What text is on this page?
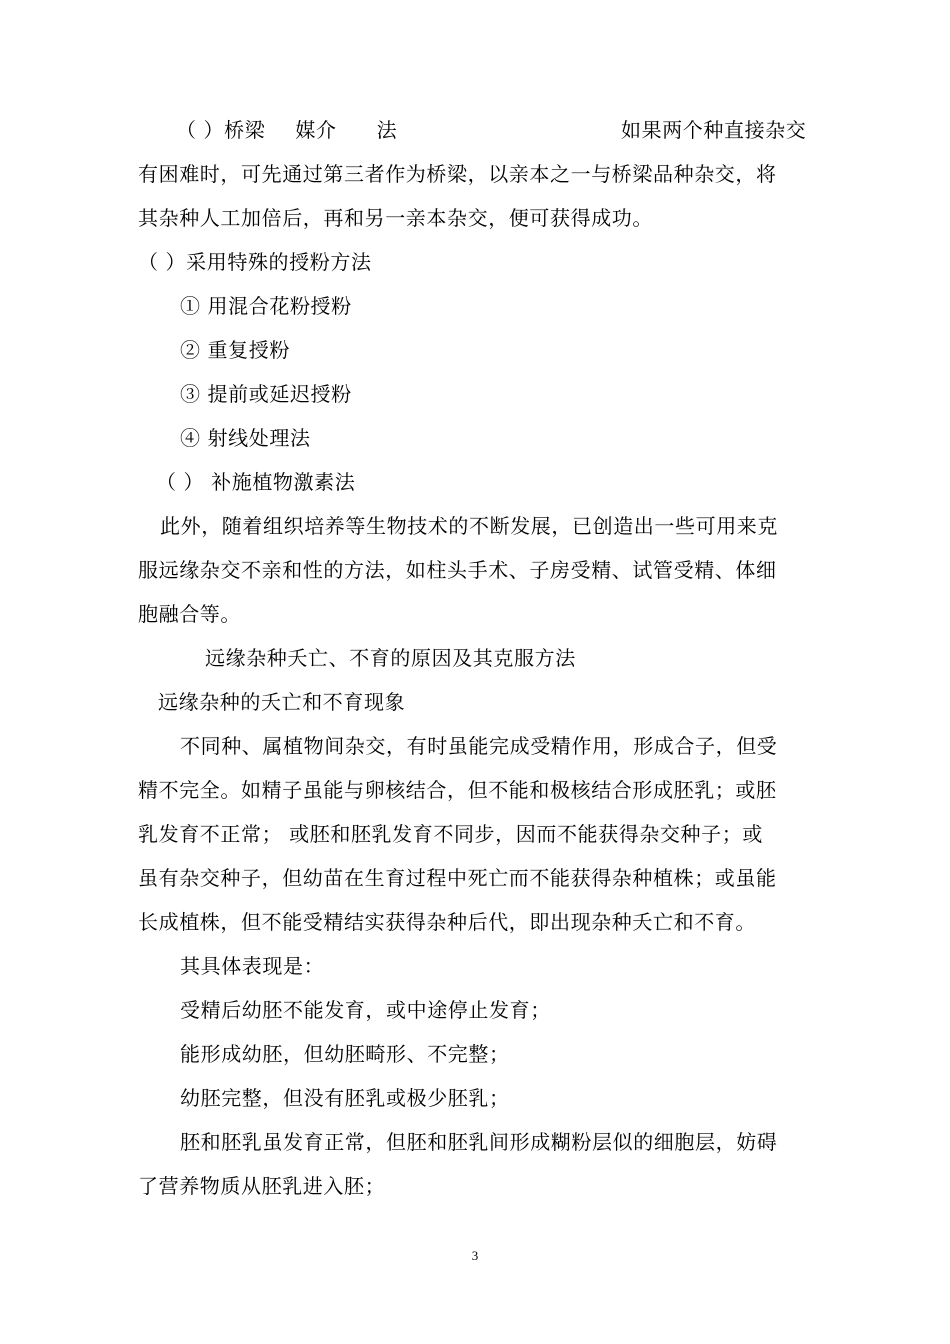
（ ）桥梁 媒介 法	如果两个种直接杂交
有困难时，可先通过第三者作为桥梁，以亲本之一与桥梁品种杂交，将
其杂种人工加倍后，再和另一亲本杂交，便可获得成功。
（ ）采用特殊的授粉方法
① 用混合花粉授粉
② 重复授粉
③ 提前或延迟授粉
④ 射线处理法
（ ） 补施植物激素法
此外，随着组织培养等生物技术的不断发展，已创造出一些可用来克
服远缘杂交不亲和性的方法，如柱头手术、子房受精、试管受精、体细
胞融合等。
远缘杂种夭亡、不育的原因及其克服方法
远缘杂种的夭亡和不育现象
不同种、属植物间杂交，有时虽能完成受精作用，形成合子，但受
精不完全。如精子虽能与卵核结合，但不能和极核结合形成胚乳；或胚
乳发育不正常； 或胚和胚乳发育不同步，因而不能获得杂交种子；或
虽有杂交种子，但幼苗在生育过程中死亡而不能获得杂种植株；或虽能
长成植株，但不能受精结实获得杂种后代，即出现杂种夭亡和不育。
其具体表现是：
受精后幼胚不能发育，或中途停止发育；
能形成幼胚，但幼胚畸形、不完整；
幼胚完整，但没有胚乳或极少胚乳；
胚和胚乳虽发育正常，但胚和胚乳间形成糊粉层似的细胞层，妨碍
了营养物质从胚乳进入胚；
3
